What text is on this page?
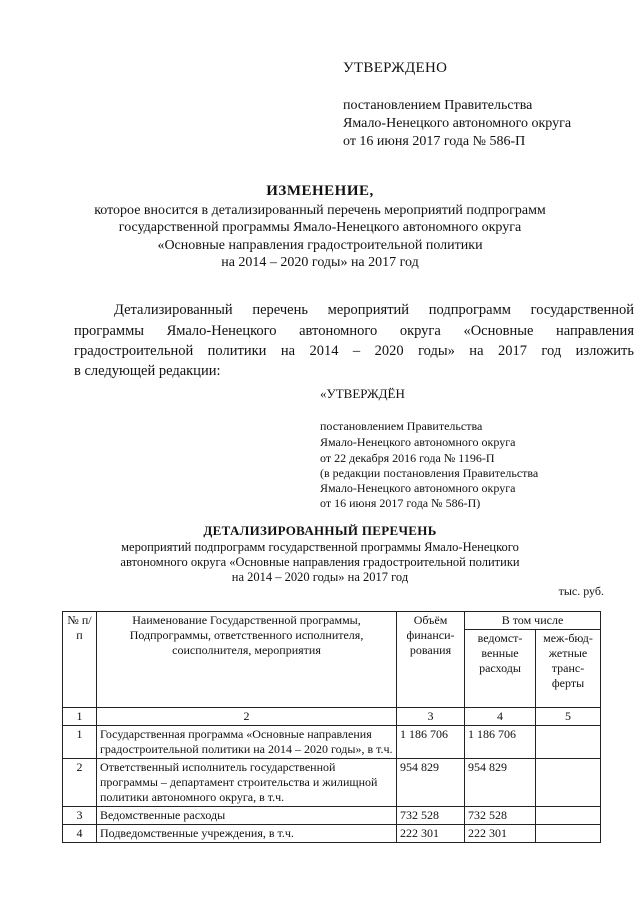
УТВЕРЖДЕНО
постановлением Правительства
Ямало-Ненецкого автономного округа
от 16 июня 2017 года № 586-П
ИЗМЕНЕНИЕ,
которое вносится в детализированный перечень мероприятий подпрограмм
государственной программы Ямало-Ненецкого автономного округа
«Основные направления градостроительной политики
на 2014 – 2020 годы» на 2017 год
Детализированный перечень мероприятий подпрограмм государственной
программы Ямало-Ненецкого автономного округа «Основные направления
градостроительной политики на 2014 – 2020 годы» на 2017 год изложить
в следующей редакции:
«УТВЕРЖДЁН
постановлением Правительства
Ямало-Ненецкого автономного округа
от 22 декабря 2016 года № 1196-П
(в редакции постановления Правительства
Ямало-Ненецкого автономного округа
от 16 июня 2017 года № 586-П)
ДЕТАЛИЗИРОВАННЫЙ ПЕРЕЧЕНЬ
мероприятий подпрограмм государственной программы Ямало-Ненецкого
автономного округа «Основные направления градостроительной политики
на 2014 – 2020 годы» на 2017 год
тыс. руб.
№ п/п	Наименование Государственной программы, Подпрограммы, ответственного исполнителя, соисполнителя, мероприятия	Объём финанси-рования	В том числе	
			ведомст-венные расходы	меж-бюд-жетные транс-ферты
1	2	3	4	5
1	Государственная программа «Основные направления градостроительной политики на 2014 – 2020 годы», в т.ч.	1 186 706	1 186 706	
2	Ответственный исполнитель государственной программы – департамент строительства и жилищной политики автономного округа, в т.ч.	954 829	954 829	
3	Ведомственные расходы	732 528	732 528	
4	Подведомственные учреждения, в т.ч.	222 301	222 301	
